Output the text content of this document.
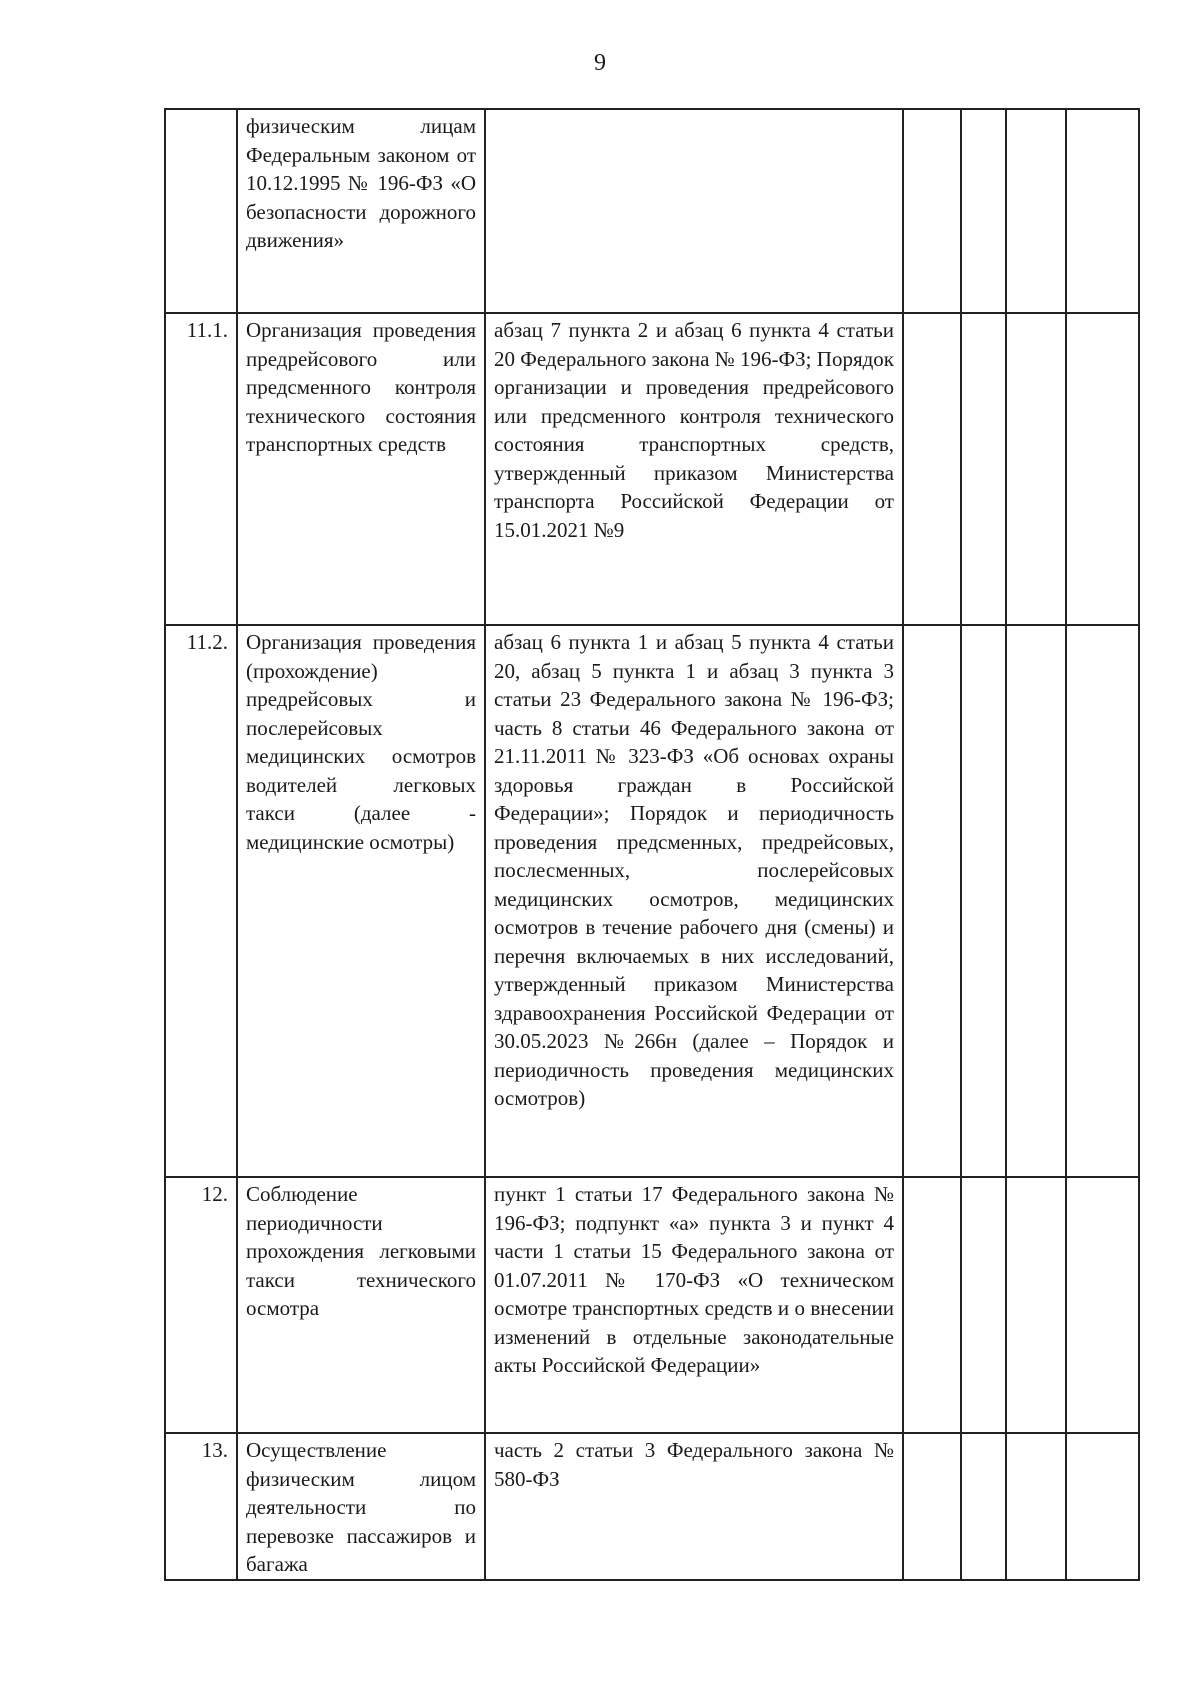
9
	физическим лицам Федеральным законом от 10.12.1995 № 196-ФЗ «О безопасности дорожного движения»					
11.1.	Организация проведения предрейсового или предсменного контроля технического состояния транспортных средств	абзац 7 пункта 2 и абзац 6 пункта 4 статьи 20 Федерального закона № 196-ФЗ; Порядок организации и проведения предрейсового или предсменного контроля технического состояния транспортных средств, утвержденный приказом Министерства транспорта Российской Федерации от 15.01.2021 №9				
11.2.	Организация проведения (прохождение) предрейсовых и послерейсовых медицинских осмотров водителей легковых такси (далее - медицинские осмотры)	абзац 6 пункта 1 и абзац 5 пункта 4 статьи 20, абзац 5 пункта 1 и абзац 3 пункта 3 статьи 23 Федерального закона № 196-ФЗ; часть 8 статьи 46 Федерального закона от 21.11.2011 № 323-ФЗ «Об основах охраны здоровья граждан в Российской Федерации»; Порядок и периодичность проведения предсменных, предрейсовых, послесменных, послерейсовых медицинских осмотров, медицинских осмотров в течение рабочего дня (смены) и перечня включаемых в них исследований, утвержденный приказом Министерства здравоохранения Российской Федерации от 30.05.2023 №266н (далее – Порядок и периодичность проведения медицинских осмотров)				
12.	Соблюдение периодичности прохождения легковыми такси технического осмотра	пункт 1 статьи 17 Федерального закона № 196-ФЗ; подпункт «а» пункта 3 и пункт 4 части 1 статьи 15 Федерального закона от 01.07.2011 № 170-ФЗ «О техническом осмотре транспортных средств и о внесении изменений в отдельные законодательные акты Российской Федерации»				
13.	Осуществление физическим лицом деятельности по перевозке пассажиров и багажа	часть 2 статьи 3 Федерального закона № 580-ФЗ				
